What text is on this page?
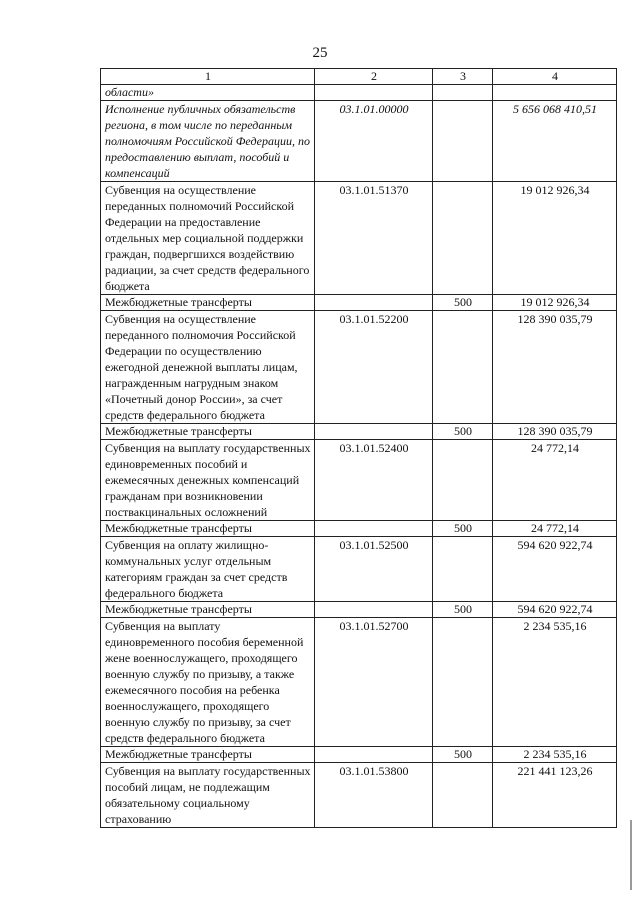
25
1	2	3	4
области»			
Исполнение публичных обязательств региона, в том числе по переданным полномочиям Российской Федерации, по предоставлению выплат, пособий и компенсаций	03.1.01.00000		5 656 068 410,51
Субвенция на осуществление переданных полномочий Российской Федерации на предоставление отдельных мер социальной поддержки граждан, подвергшихся воздействию радиации, за счет средств федерального бюджета	03.1.01.51370		19 012 926,34
Межбюджетные трансферты		500	19 012 926,34
Субвенция на осуществление переданного полномочия Российской Федерации по осуществлению ежегодной денежной выплаты лицам, награжденным нагрудным знаком «Почетный донор России», за счет средств федерального бюджета	03.1.01.52200		128 390 035,79
Межбюджетные трансферты		500	128 390 035,79
Субвенция на выплату государственных единовременных пособий и ежемесячных денежных компенсаций гражданам при возникновении поствакцинальных осложнений	03.1.01.52400		24 772,14
Межбюджетные трансферты		500	24 772,14
Субвенция на оплату жилищно-коммунальных услуг отдельным категориям граждан за счет средств федерального бюджета	03.1.01.52500		594 620 922,74
Межбюджетные трансферты		500	594 620 922,74
Субвенция на выплату единовременного пособия беременной жене военнослужащего, проходящего военную службу по призыву, а также ежемесячного пособия на ребенка военнослужащего, проходящего военную службу по призыву, за счет средств федерального бюджета	03.1.01.52700		2 234 535,16
Межбюджетные трансферты		500	2 234 535,16
Субвенция на выплату государственных пособий лицам, не подлежащим обязательному социальному страхованию	03.1.01.53800		221 441 123,26
